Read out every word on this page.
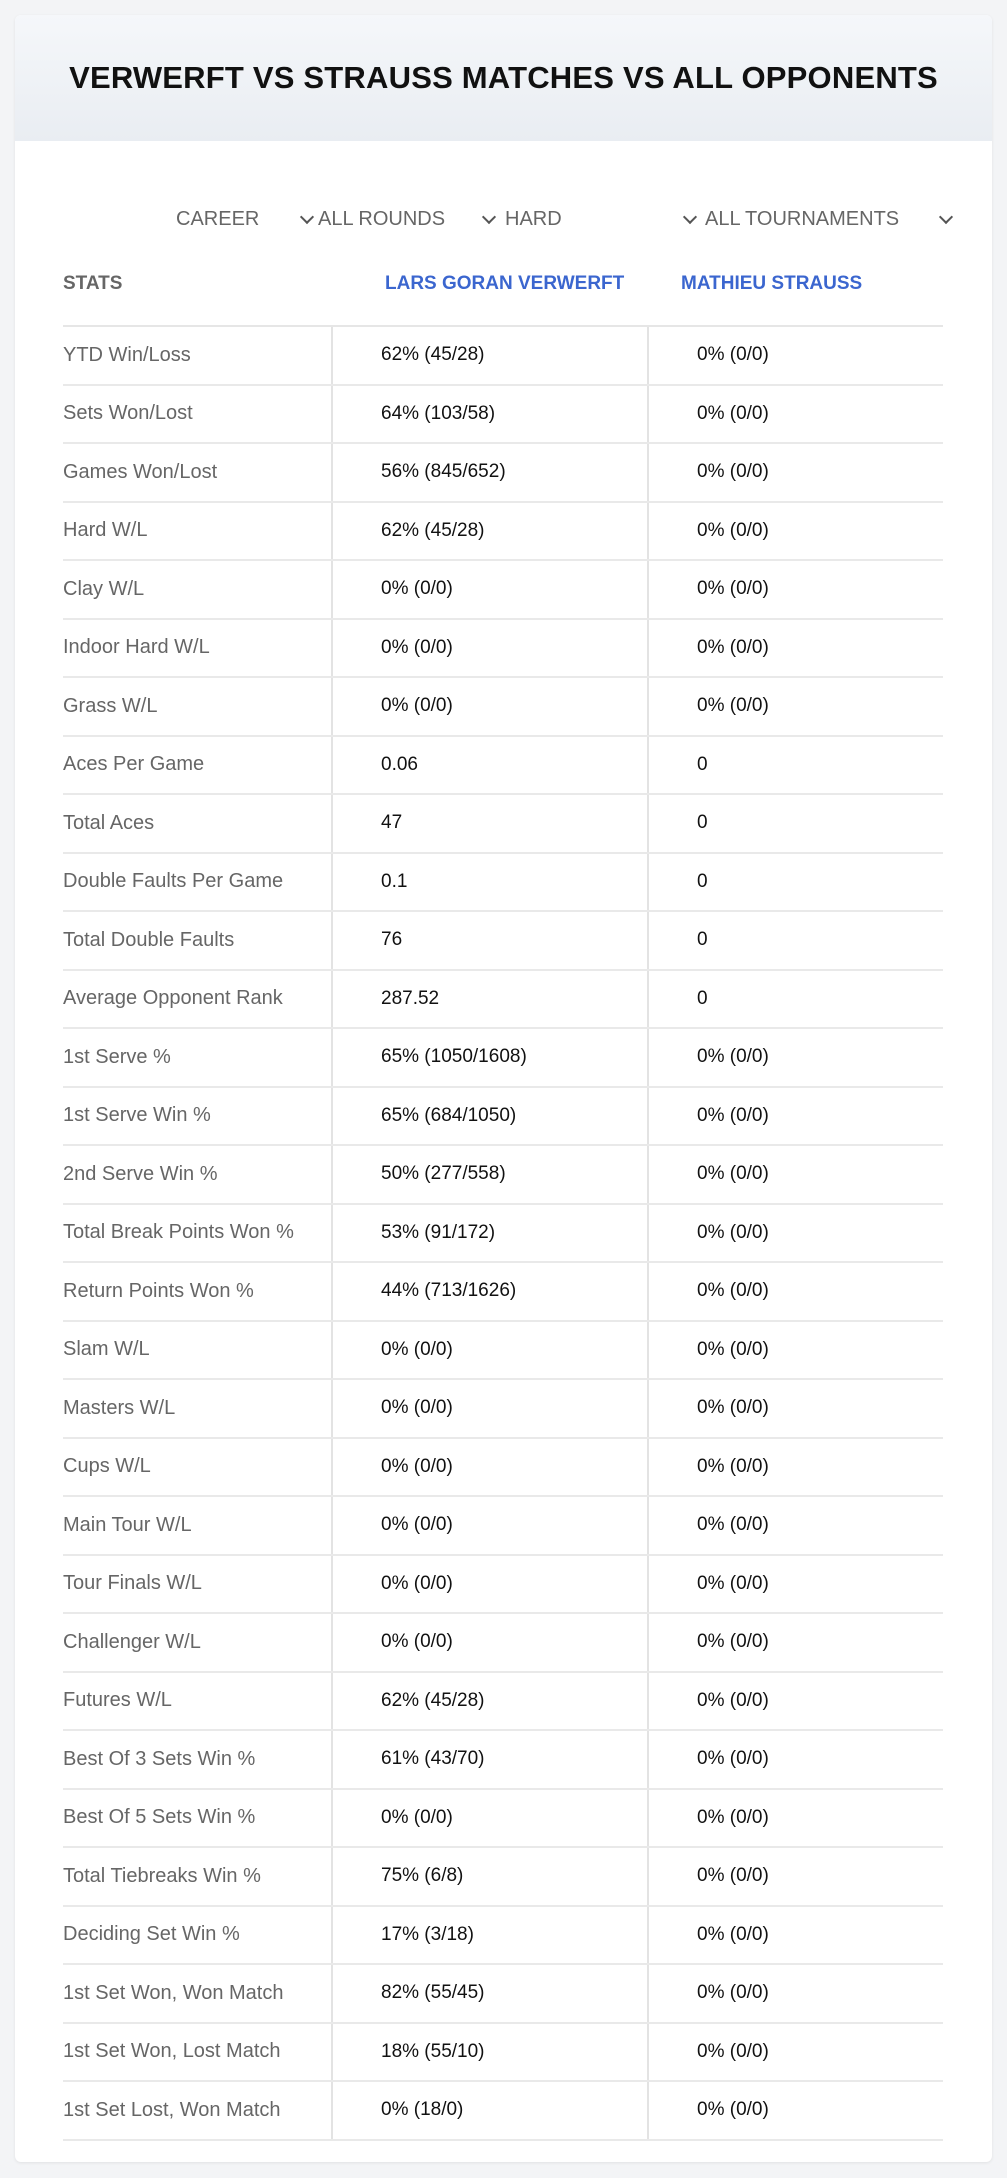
VERWERFT VS STRAUSS MATCHES VS ALL OPPONENTS
CAREER	ALL ROUNDS	HARD	ALL TOURNAMENTS
STATS	LARS GORAN VERWERFT	MATHIEU STRAUSS
YTD Win/Loss	62% (45/28)	0% (0/0)
Sets Won/Lost	64% (103/58)	0% (0/0)
Games Won/Lost	56% (845/652)	0% (0/0)
Hard W/L	62% (45/28)	0% (0/0)
Clay W/L	0% (0/0)	0% (0/0)
Indoor Hard W/L	0% (0/0)	0% (0/0)
Grass W/L	0% (0/0)	0% (0/0)
Aces Per Game	0.06	0
Total Aces	47	0
Double Faults Per Game	0.1	0
Total Double Faults	76	0
Average Opponent Rank	287.52	0
1st Serve %	65% (1050/1608)	0% (0/0)
1st Serve Win %	65% (684/1050)	0% (0/0)
2nd Serve Win %	50% (277/558)	0% (0/0)
Total Break Points Won %	53% (91/172)	0% (0/0)
Return Points Won %	44% (713/1626)	0% (0/0)
Slam W/L	0% (0/0)	0% (0/0)
Masters W/L	0% (0/0)	0% (0/0)
Cups W/L	0% (0/0)	0% (0/0)
Main Tour W/L	0% (0/0)	0% (0/0)
Tour Finals W/L	0% (0/0)	0% (0/0)
Challenger W/L	0% (0/0)	0% (0/0)
Futures W/L	62% (45/28)	0% (0/0)
Best Of 3 Sets Win %	61% (43/70)	0% (0/0)
Best Of 5 Sets Win %	0% (0/0)	0% (0/0)
Total Tiebreaks Win %	75% (6/8)	0% (0/0)
Deciding Set Win %	17% (3/18)	0% (0/0)
1st Set Won, Won Match	82% (55/45)	0% (0/0)
1st Set Won, Lost Match	18% (55/10)	0% (0/0)
1st Set Lost, Won Match	0% (18/0)	0% (0/0)
